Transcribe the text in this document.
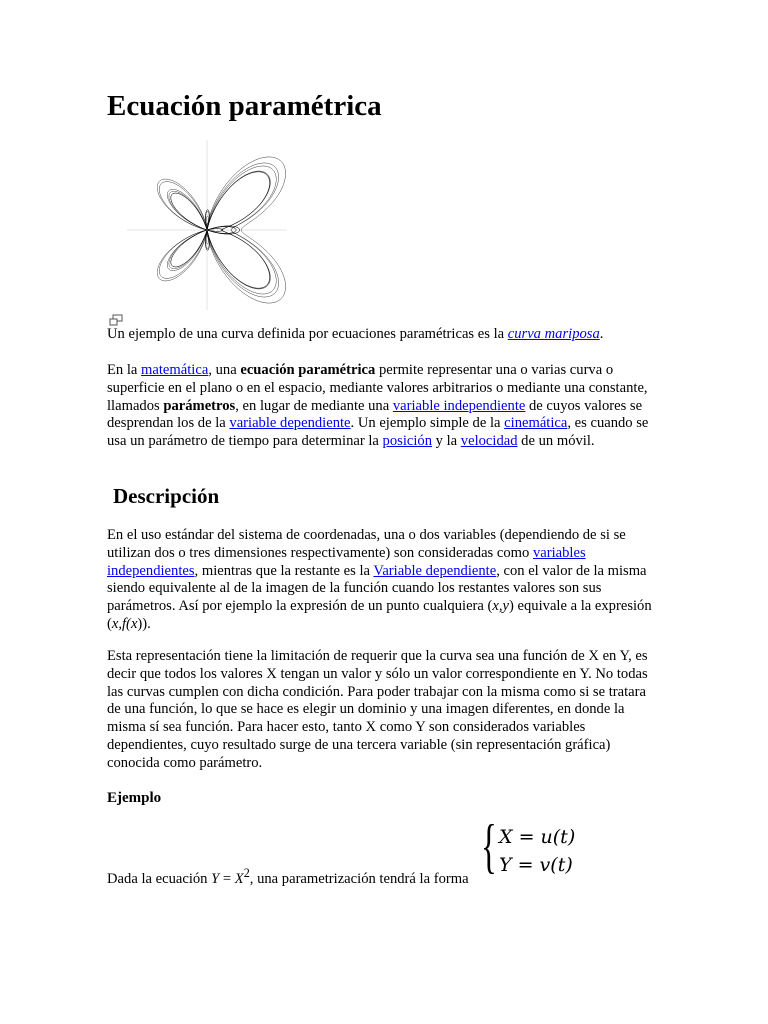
Ecuación paramétrica

Un ejemplo de una curva definida por ecuaciones paramétricas es la curva mariposa.

En la matemática, una ecuación paramétrica permite representar una o varias curva o superficie en el plano o en el espacio, mediante valores arbitrarios o mediante una constante, llamados parámetros, en lugar de mediante una variable independiente de cuyos valores se desprendan los de la variable dependiente. Un ejemplo simple de la cinemática, es cuando se usa un parámetro de tiempo para determinar la posición y la velocidad de un móvil.

Descripción

En el uso estándar del sistema de coordenadas, una o dos variables (dependiendo de si se utilizan dos o tres dimensiones respectivamente) son consideradas como variables independientes, mientras que la restante es la Variable dependiente, con el valor de la misma siendo equivalente al de la imagen de la función cuando los restantes valores son sus parámetros. Así por ejemplo la expresión de un punto cualquiera (x,y) equivale a la expresión (x,f(x)).

Esta representación tiene la limitación de requerir que la curva sea una función de X en Y, es decir que todos los valores X tengan un valor y sólo un valor correspondiente en Y. No todas las curvas cumplen con dicha condición. Para poder trabajar con la misma como si se tratara de una función, lo que se hace es elegir un dominio y una imagen diferentes, en donde la misma sí sea función. Para hacer esto, tanto X como Y son considerados variables dependientes, cuyo resultado surge de una tercera variable (sin representación gráfica) conocida como parámetro.

Ejemplo
Dada la ecuación $Y = X^2$, una parametrización tendrá la forma { X = u(t)
Y = v(t)
